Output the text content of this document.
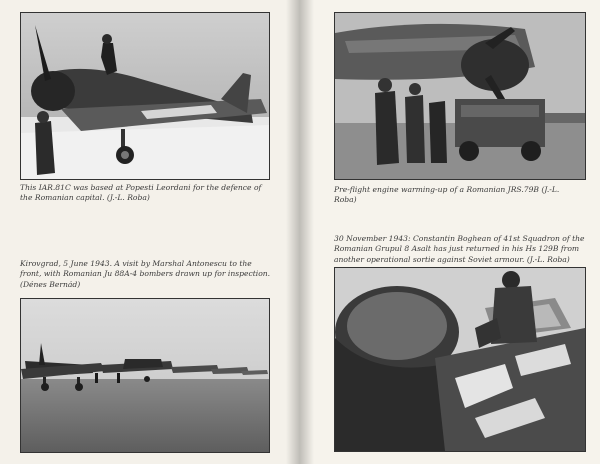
This IAR.81C was based at Popesti Leordani for the defence of the Romanian capital. (J.-L. Roba)

Kirovgrad, 5 June 1943. A visit by Marshal Antonescu to the front, with Romanian Ju 88A-4 bombers drawn up for inspection. (Dénes Bernád)

Pre-flight engine warming-up of a Romanian JRS.79B (J.-L. Roba)

30 November 1943: Constantin Boghean of 41st Squadron of the Romanian Grupul 8 Asalt has just returned in his Hs 129B from another operational sortie against Soviet armour. (J.-L. Roba)
